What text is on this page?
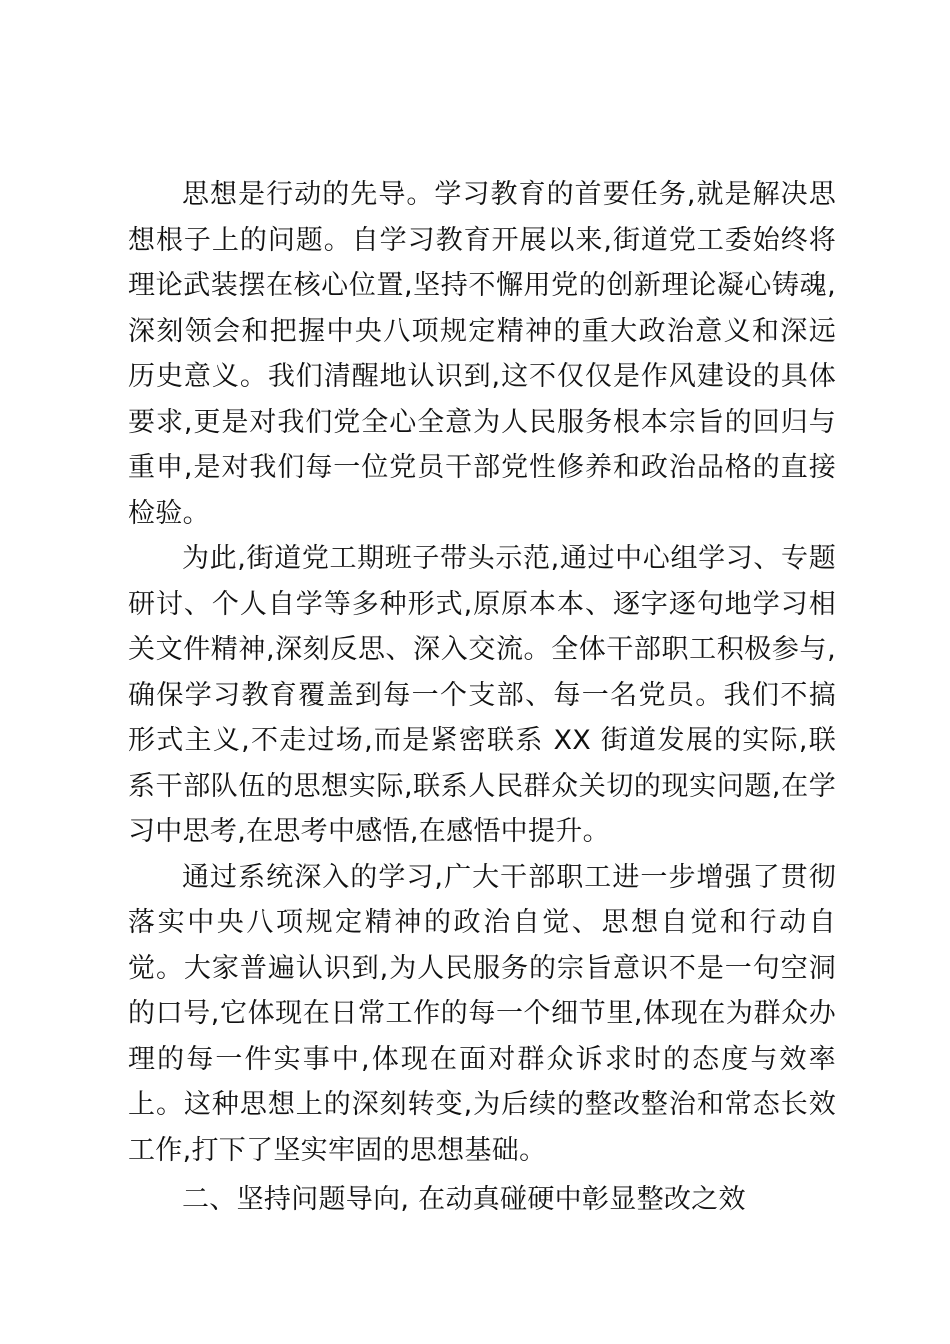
思想是行动的先导。学习教育的首要任务,就是解决思想根子上的问题。自学习教育开展以来,街道党工委始终将理论武装摆在核心位置,坚持不懈用党的创新理论凝心铸魂,深刻领会和把握中央八项规定精神的重大政治意义和深远历史意义。我们清醒地认识到,这不仅仅是作风建设的具体要求,更是对我们党全心全意为人民服务根本宗旨的回归与重申,是对我们每一位党员干部党性修养和政治品格的直接检验。

为此,街道党工期班子带头示范,通过中心组学习、专题研讨、个人自学等多种形式,原原本本、逐字逐句地学习相关文件精神,深刻反思、深入交流。全体干部职工积极参与,确保学习教育覆盖到每一个支部、每一名党员。我们不搞形式主义,不走过场,而是紧密联系 XX 街道发展的实际,联系干部队伍的思想实际,联系人民群众关切的现实问题,在学习中思考,在思考中感悟,在感悟中提升。

通过系统深入的学习,广大干部职工进一步增强了贯彻落实中央八项规定精神的政治自觉、思想自觉和行动自觉。大家普遍认识到,为人民服务的宗旨意识不是一句空洞的口号,它体现在日常工作的每一个细节里,体现在为群众办理的每一件实事中,体现在面对群众诉求时的态度与效率上。这种思想上的深刻转变,为后续的整改整治和常态长效工作,打下了坚实牢固的思想基础。

二、坚持问题导向, 在动真碰硬中彰显整改之效
